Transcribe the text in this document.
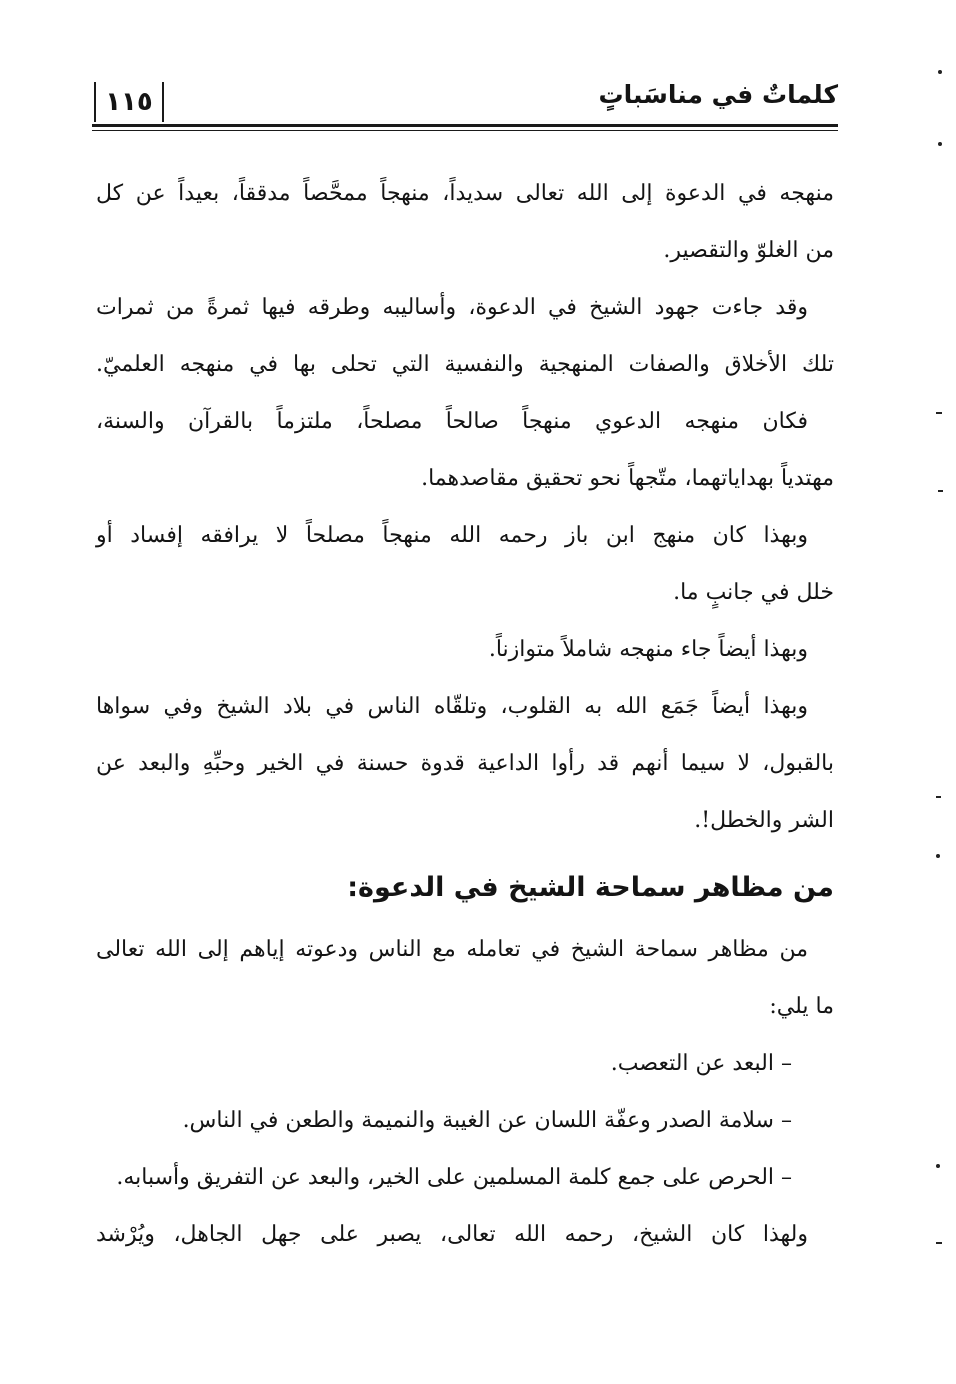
١١٥	كلماتٌ في مناسَباتٍ
منهجه في الدعوة إلى الله تعالى سديداً، منهجاً ممحَّصاً مدققاً، بعيداً عن كل
من الغلوّ والتقصير.
وقد جاءت جهود الشيخ في الدعوة، وأساليبه وطرقه فيها ثمرةً من ثمرات
تلك الأخلاق والصفات المنهجية والنفسية التي تحلى بها في منهجه العلميّ.
فكان منهجه الدعوي منهجاً صالحاً مصلحاً، ملتزماً بالقرآن والسنة،
مهتدياً بهداياتهما، متّجهاً نحو تحقيق مقاصدهما.
وبهذا كان منهج ابن باز رحمه الله منهجاً مصلحاً لا يرافقه إفساد أو
خلل في جانبٍ ما.
وبهذا أيضاً جاء منهجه شاملاً متوازناً.
وبهذا أيضاً جَمَع الله به القلوب، وتلقّاه الناس في بلاد الشيخ وفي سواها
بالقبول، لا سيما أنهم قد رأوا الداعية قدوة حسنة في الخير وحبِّهِ والبعد عن
الشر والخطل!.
من مظاهر سماحة الشيخ في الدعوة:
من مظاهر سماحة الشيخ في تعامله مع الناس ودعوته إياهم إلى الله تعالى
ما يلي:
– البعد عن التعصب.
– سلامة الصدر وعفّة اللسان عن الغيبة والنميمة والطعن في الناس.
– الحرص على جمع كلمة المسلمين على الخير، والبعد عن التفريق وأسبابه.
ولهذا كان الشيخ، رحمه الله تعالى، يصبر على جهل الجاهل، ويُرْشد
